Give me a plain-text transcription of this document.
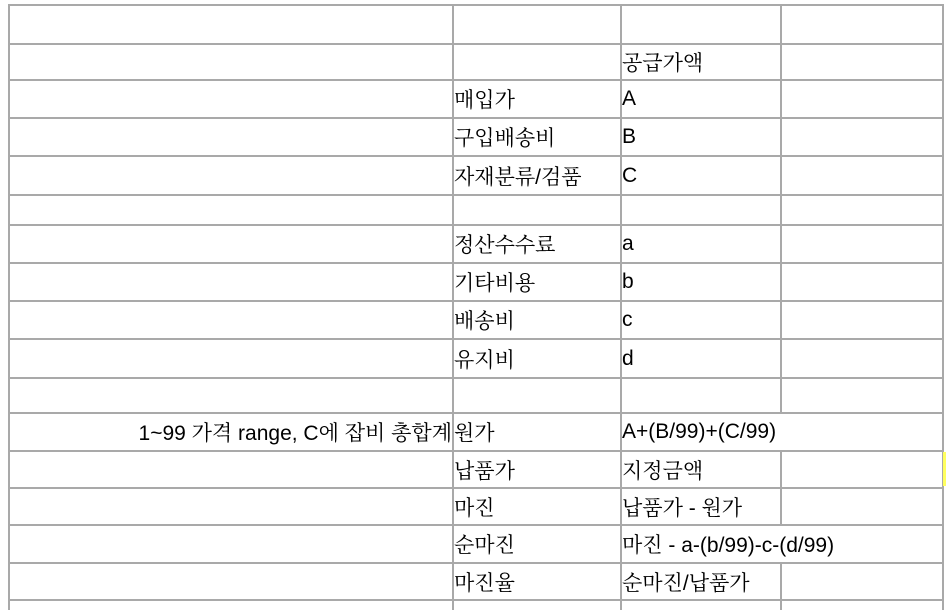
		공급가액	
	매입가	A	
	구입배송비	B	
	자재분류/검품	C	

	정산수수료	a	
	기타비용	b	
	배송비	c	
	유지비	d	

1~99 가격 range, C에 잡비 총합계	원가	A+(B/99)+(C/99)	
	납품가	지정금액	
	마진	납품가 - 원가	
	순마진	마진 - a-(b/99)-c-(d/99)	
	마진율	순마진/납품가	
